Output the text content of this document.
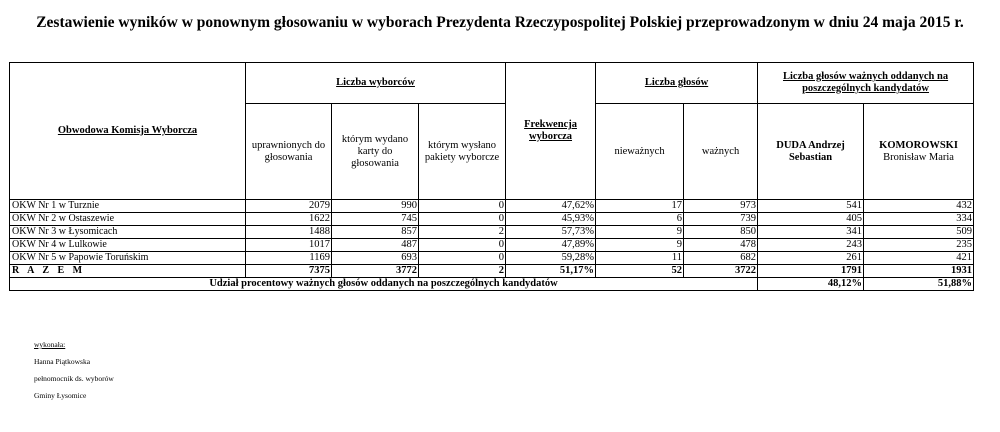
Zestawienie wyników w ponownym głosowaniu w wyborach Prezydenta Rzeczypospolitej Polskiej przeprowadzonym w dniu 24 maja 2015 r.
Obwodowa Komisja Wyborcza	Liczba wyborców			Frekwencja wyborcza	Liczba głosów		Liczba głosów ważnych oddanych na poszczególnych kandydatów	
	uprawnionych do głosowania	którym wydano karty do głosowania	którym wysłano pakiety wyborcze		nieważnych	ważnych	DUDA Andrzej Sebastian	KOMOROWSKI
Bronisław Maria

OKW Nr 1 w Turznie	2079	990	0	47,62%	17	973	541	432
OKW Nr 2 w Ostaszewie	1622	745	0	45,93%	6	739	405	334
OKW Nr 3 w Łysomicach	1488	857	2	57,73%	9	850	341	509
OKW Nr 4 w Lulkowie	1017	487	0	47,89%	9	478	243	235
OKW Nr 5 w Papowie Toruńskim	1169	693	0	59,28%	11	682	261	421
R A Z E M	7375	3772	2	51,17%	52	3722	1791	1931
Udział procentowy ważnych głosów oddanych na poszczególnych kandydatów							48,12%	51,88%
wykonała:
Hanna Piątkowska
pełnomocnik ds. wyborów
Gminy Łysomice
